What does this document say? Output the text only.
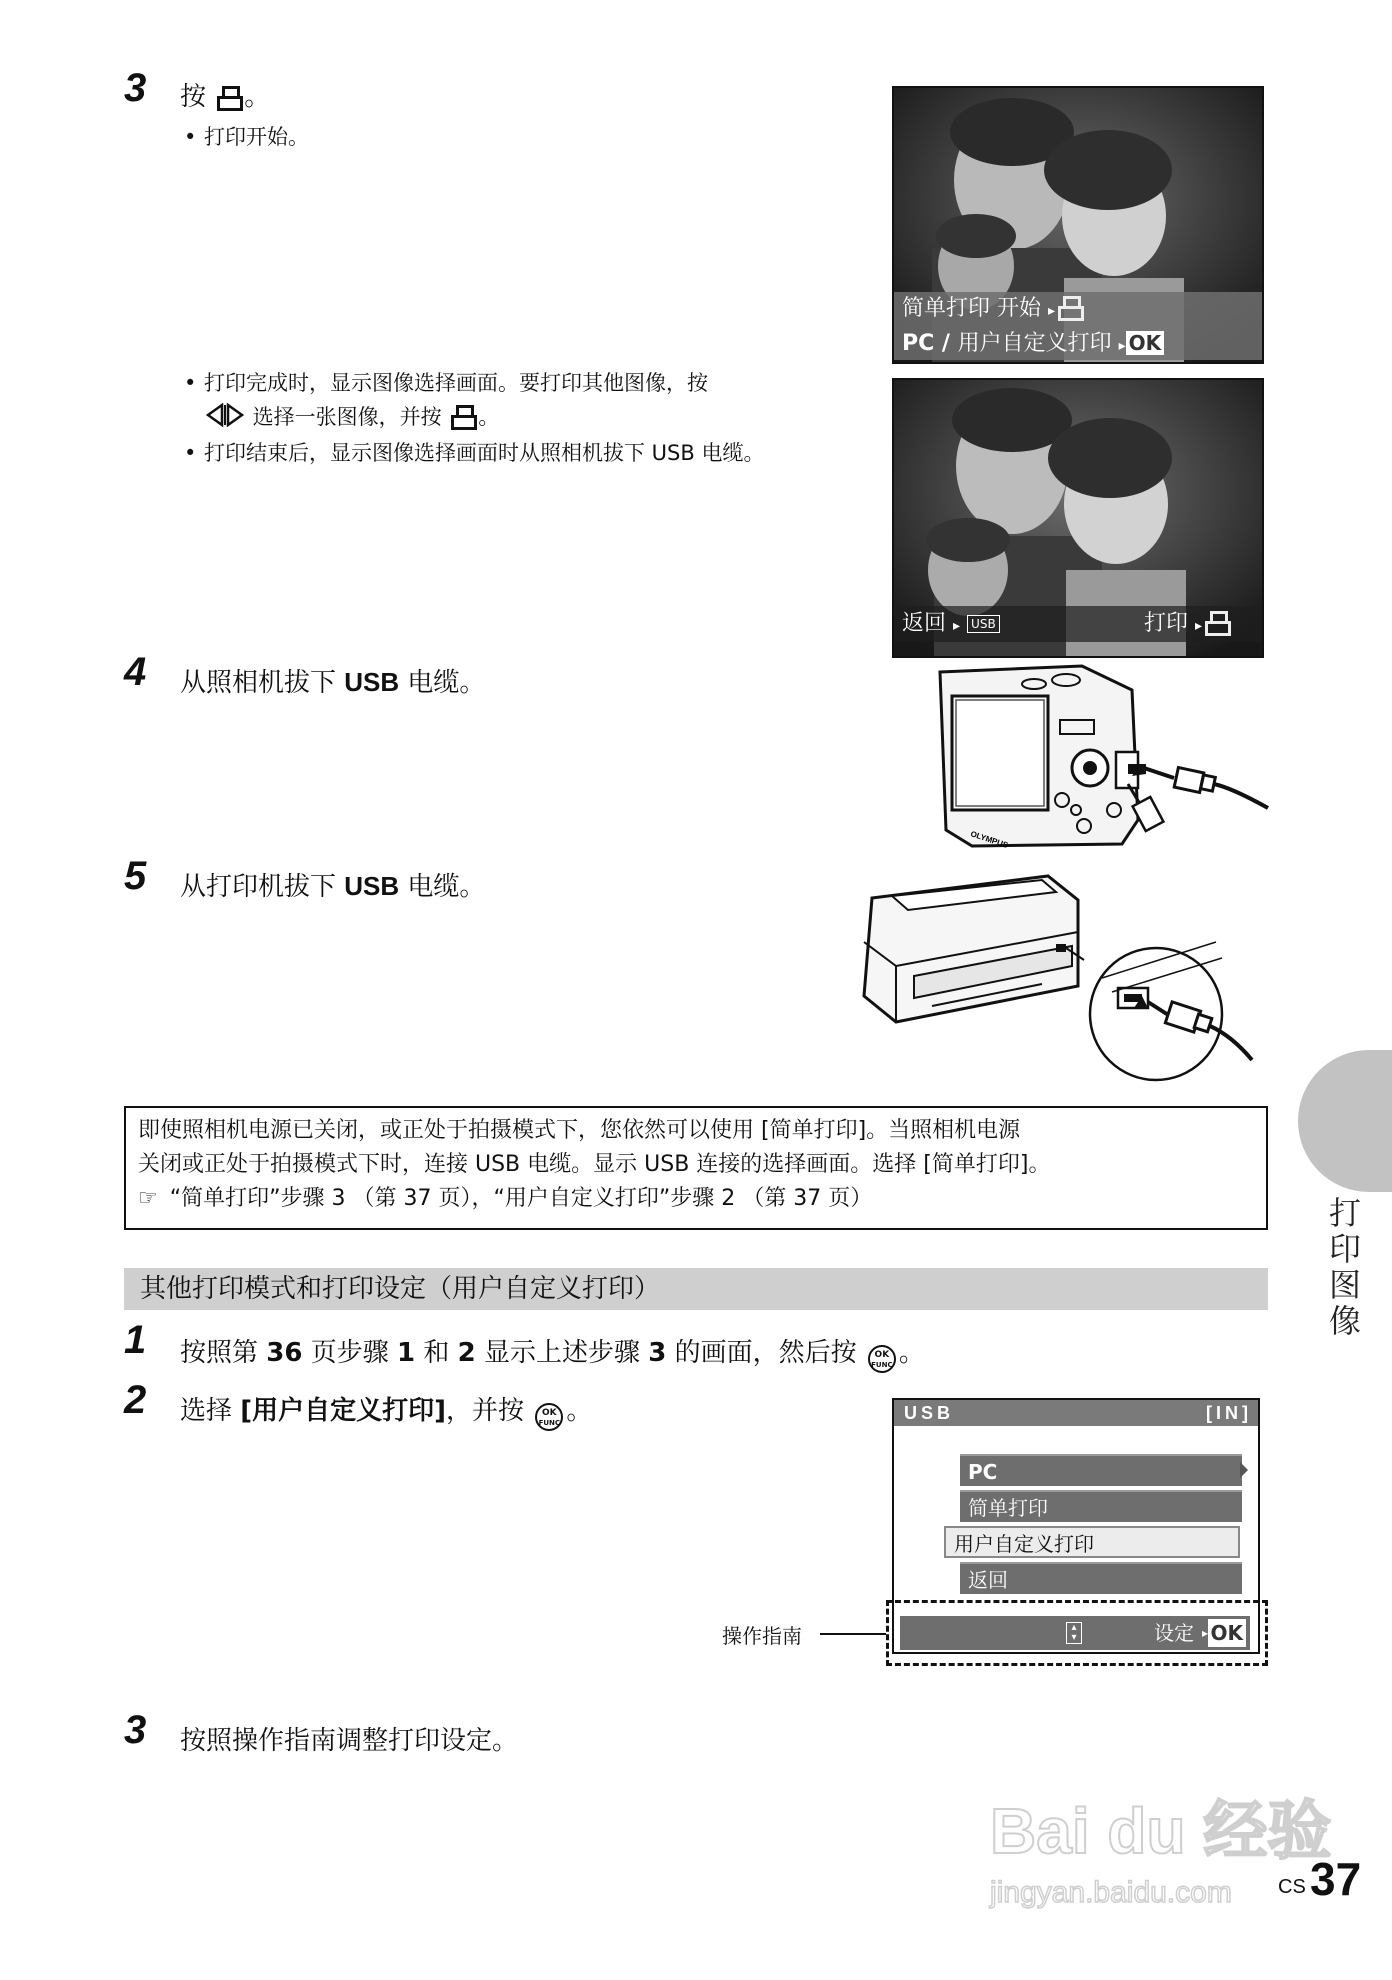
3 按 。
• 打印开始。
• 打印完成时，显示图像选择画面。要打印其他图像，按
选择一张图像，并按 。
• 打印结束后，显示图像选择画面时从照相机拔下 USB 电缆。
简单打印 开始 ▸
PC / 用户自定义打印 ▸ OK
返回 ▸ USB	打印 ▸
4 从照相机拔下 USB 电缆。
OLYMPUS
5 从打印机拔下 USB 电缆。
即使照相机电源已关闭，或正处于拍摄模式下，您依然可以使用 [简单打印]。当照相机电源
关闭或正处于拍摄模式下时，连接 USB 电缆。显示 USB 连接的选择画面。选择 [简单打印]。
☞ “简单打印”步骤 3 （第 37 页），“用户自定义打印”步骤 2 （第 37 页）
其他打印模式和打印设定（用户自定义打印）
1 按照第 36 页步骤 1 和 2 显示上述步骤 3 的画面，然后按 OK
FUNC 。
2 选择 [用户自定义打印]，并按 OK
FUNC 。	USB	[IN]
PC
简单打印
用户自定义打印
返回
▴
▾	设定 ▸ OK
操作指南
3 按照操作指南调整打印设定。
打印图像
Bai du 经验
jingyan.baidu.com CS 37
